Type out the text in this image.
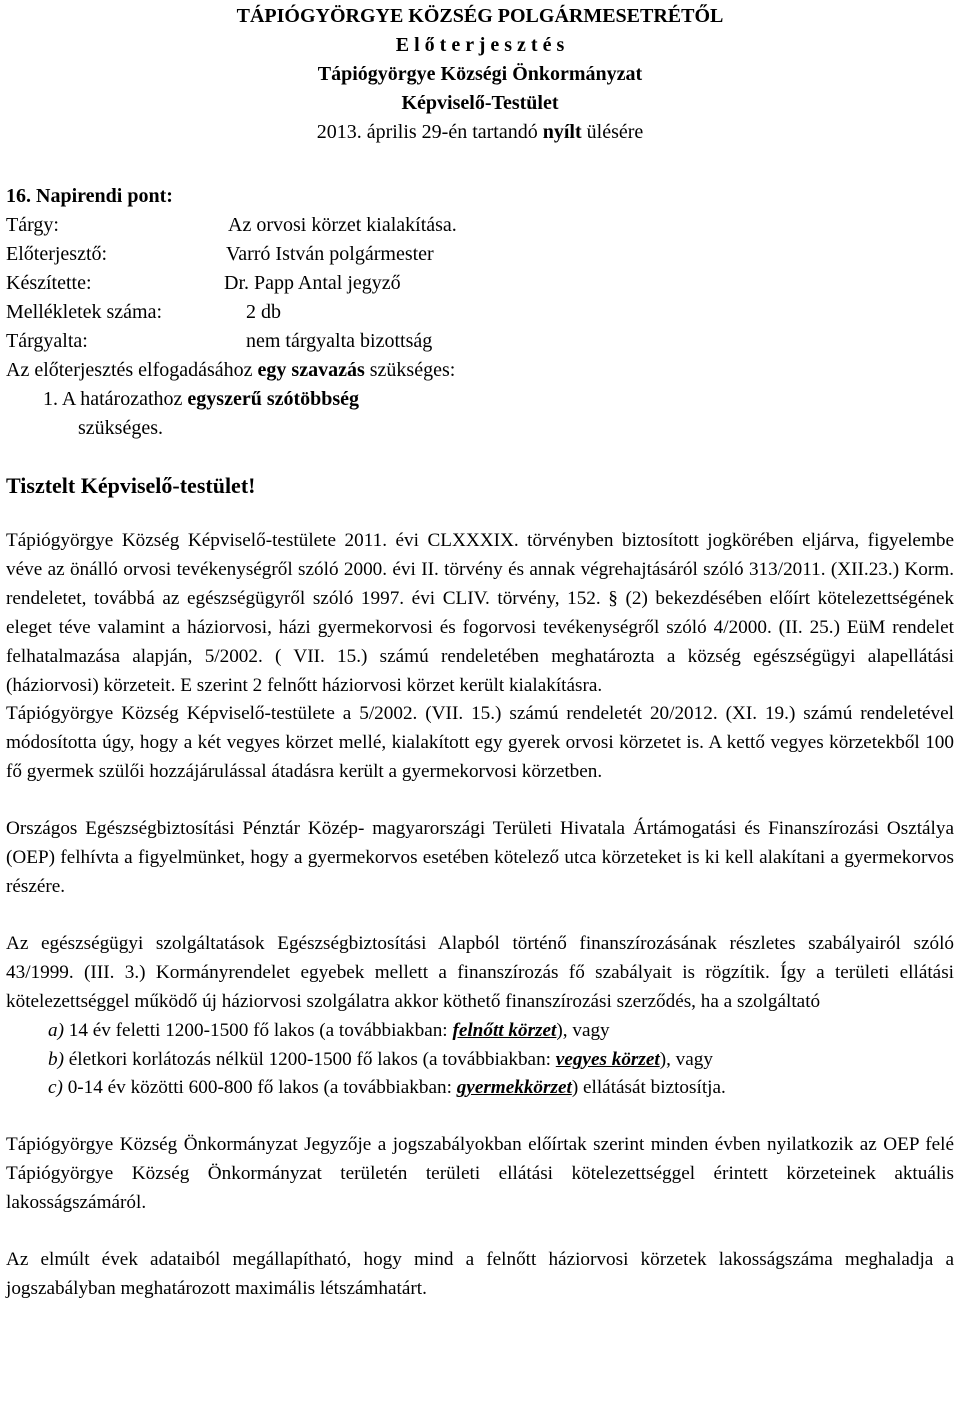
TÁPIÓGYÖRGYE KÖZSÉG POLGÁRMESETRÉTŐL
E l ő t e r j e s z t é s
Tápiógyörgye Községi Önkormányzat
Képviselő-Testület
2013. április 29-én tartandó nyílt ülésére
16. Napirendi pont:
Tárgy:	Az orvosi körzet kialakítása.
Előterjesztő:	Varró István polgármester
Készítette:	Dr. Papp Antal jegyző
Mellékletek száma:	2 db
Tárgyalta:	nem tárgyalta bizottság
Az előterjesztés elfogadásához egy szavazás szükséges:
1. A határozathoz egyszerű szótöbbség
szükséges.
Tisztelt Képviselő-testület!

Tápiógyörgye Község Képviselő-testülete 2011. évi CLXXXIX. törvényben biztosított jogkörében eljárva, figyelembe véve az önálló orvosi tevékenységről szóló 2000. évi II. törvény és annak végrehajtásáról szóló 313/2011. (XII.23.) Korm. rendeletet, továbbá az egészségügyről szóló 1997. évi CLIV. törvény, 152. § (2) bekezdésében előírt kötelezettségének eleget téve valamint a háziorvosi, házi gyermekorvosi és fogorvosi tevékenységről szóló 4/2000. (II. 25.) EüM rendelet felhatalmazása alapján, 5/2002. ( VII. 15.) számú rendeletében meghatározta a község egészségügyi alapellátási (háziorvosi) körzeteit. E szerint 2 felnőtt háziorvosi körzet került kialakításra.

Tápiógyörgye Község Képviselő-testülete a 5/2002. (VII. 15.) számú rendeletét 20/2012. (XI. 19.) számú rendeletével módosította úgy, hogy a két vegyes körzet mellé, kialakított egy gyerek orvosi körzetet is. A kettő vegyes körzetekből 100 fő gyermek szülői hozzájárulással átadásra került a gyermekorvosi körzetben.

Országos Egészségbiztosítási Pénztár Közép- magyarországi Területi Hivatala Ártámogatási és Finanszírozási Osztálya (OEP) felhívta a figyelmünket, hogy a gyermekorvos esetében kötelező utca körzeteket is ki kell alakítani a gyermekorvos részére.

Az egészségügyi szolgáltatások Egészségbiztosítási Alapból történő finanszírozásának részletes szabályairól szóló 43/1999. (III. 3.) Kormányrendelet egyebek mellett a finanszírozás fő szabályait is rögzítik. Így a területi ellátási kötelezettséggel működő új háziorvosi szolgálatra akkor köthető finanszírozási szerződés, ha a szolgáltató

a) 14 év feletti 1200-1500 fő lakos (a továbbiakban: felnőtt körzet), vagy
b) életkori korlátozás nélkül 1200-1500 fő lakos (a továbbiakban: vegyes körzet), vagy
c) 0-14 év közötti 600-800 fő lakos (a továbbiakban: gyermekkörzet) ellátását biztosítja.

Tápiógyörgye Község Önkormányzat Jegyzője a jogszabályokban előírtak szerint minden évben nyilatkozik az OEP felé Tápiógyörgye Község Önkormányzat területén területi ellátási kötelezettséggel érintett körzeteinek aktuális lakosságszámáról.

Az elmúlt évek adataiból megállapítható, hogy mind a felnőtt háziorvosi körzetek lakosságszáma meghaladja a jogszabályban meghatározott maximális létszámhatárt.
